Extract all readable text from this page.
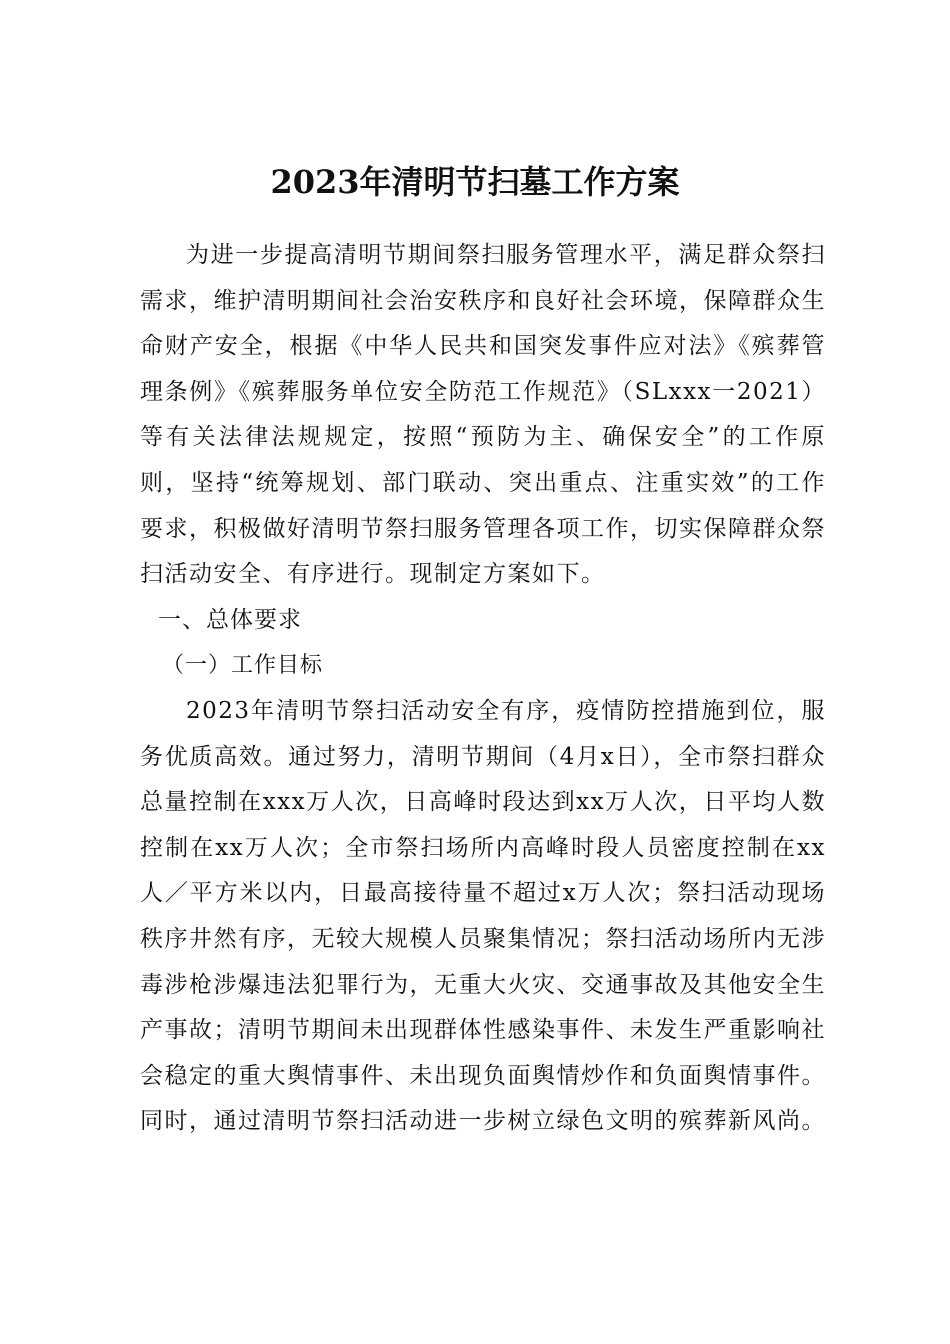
2023年清明节扫墓工作方案

为进一步提高清明节期间祭扫服务管理水平，满足群众祭扫需求，维护清明期间社会治安秩序和良好社会环境，保障群众生命财产安全，根据《中华人民共和国突发事件应对法》《殡葬管理条例》《殡葬服务单位安全防范工作规范》（SLxxx一2021）等有关法律法规规定，按照“预防为主、确保安全”的工作原则，坚持“统筹规划、部门联动、突出重点、注重实效”的工作要求，积极做好清明节祭扫服务管理各项工作，切实保障群众祭扫活动安全、有序进行。现制定方案如下。

一、总体要求

（一）工作目标

2023年清明节祭扫活动安全有序，疫情防控措施到位，服务优质高效。通过努力，清明节期间（4月x日），全市祭扫群众总量控制在xxx万人次，日高峰时段达到xx万人次，日平均人数控制在xx万人次；全市祭扫场所内高峰时段人员密度控制在xx人／平方米以内，日最高接待量不超过x万人次；祭扫活动现场秩序井然有序，无较大规模人员聚集情况；祭扫活动场所内无涉毒涉枪涉爆违法犯罪行为，无重大火灾、交通事故及其他安全生产事故；清明节期间未出现群体性感染事件、未发生严重影响社会稳定的重大舆情事件、未出现负面舆情炒作和负面舆情事件。同时，通过清明节祭扫活动进一步树立绿色文明的殡葬新风尚。
